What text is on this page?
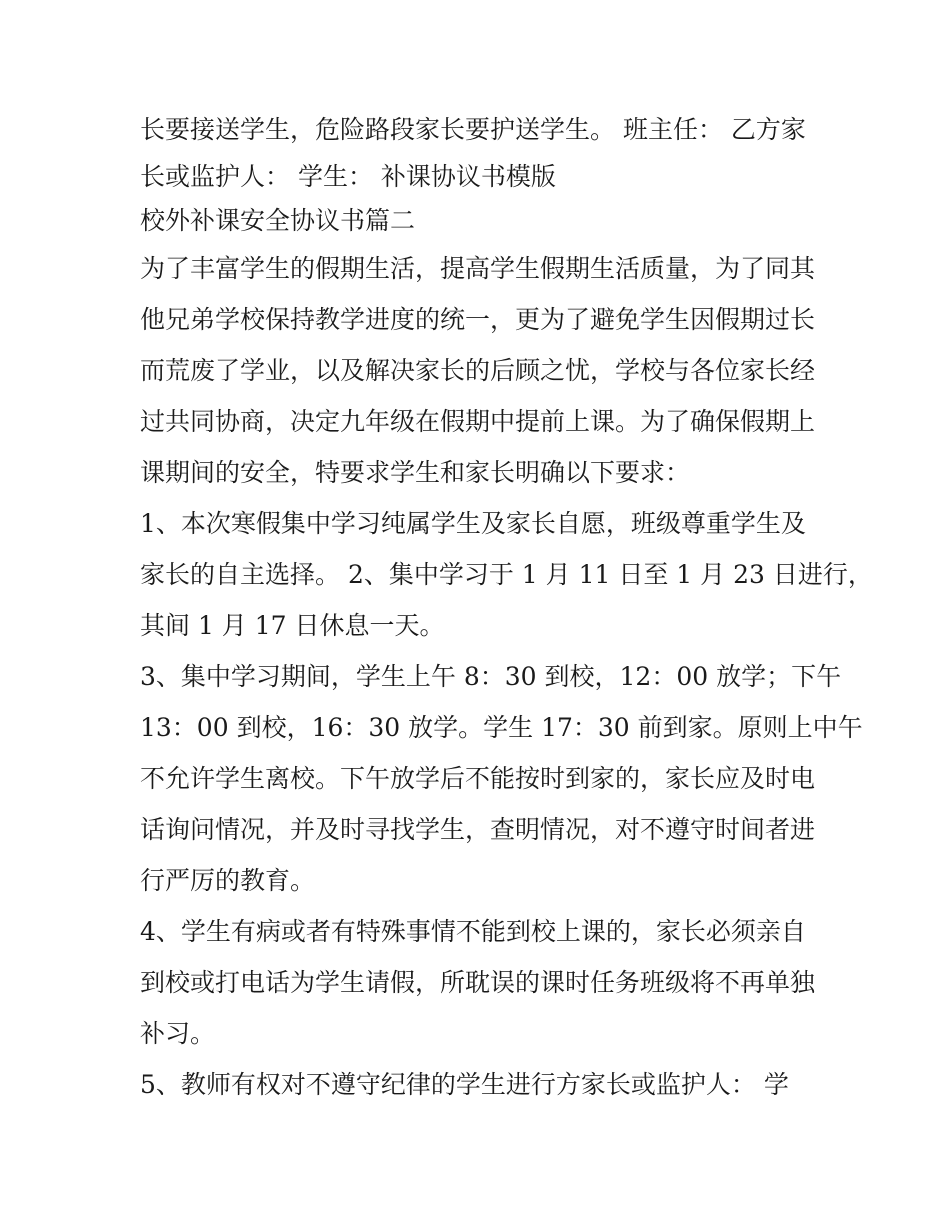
长要接送学生，危险路段家长要护送学生。 班主任： 乙方家
长或监护人： 学生： 补课协议书模版
校外补课安全协议书篇二
为了丰富学生的假期生活，提高学生假期生活质量，为了同其
他兄弟学校保持教学进度的统一，更为了避免学生因假期过长
而荒废了学业，以及解决家长的后顾之忧，学校与各位家长经
过共同协商，决定九年级在假期中提前上课。为了确保假期上
课期间的安全，特要求学生和家长明确以下要求：
1、本次寒假集中学习纯属学生及家长自愿，班级尊重学生及
家长的自主选择。 2、集中学习于 1 月 11 日至 1 月 23 日进行，
其间 1 月 17 日休息一天。
3、集中学习期间，学生上午 8：30 到校，12：00 放学；下午
13：00 到校，16：30 放学。学生 17：30 前到家。原则上中午
不允许学生离校。下午放学后不能按时到家的，家长应及时电
话询问情况，并及时寻找学生，查明情况，对不遵守时间者进
行严厉的教育。
4、学生有病或者有特殊事情不能到校上课的，家长必须亲自
到校或打电话为学生请假，所耽误的课时任务班级将不再单独
补习。
5、教师有权对不遵守纪律的学生进行方家长或监护人： 学
